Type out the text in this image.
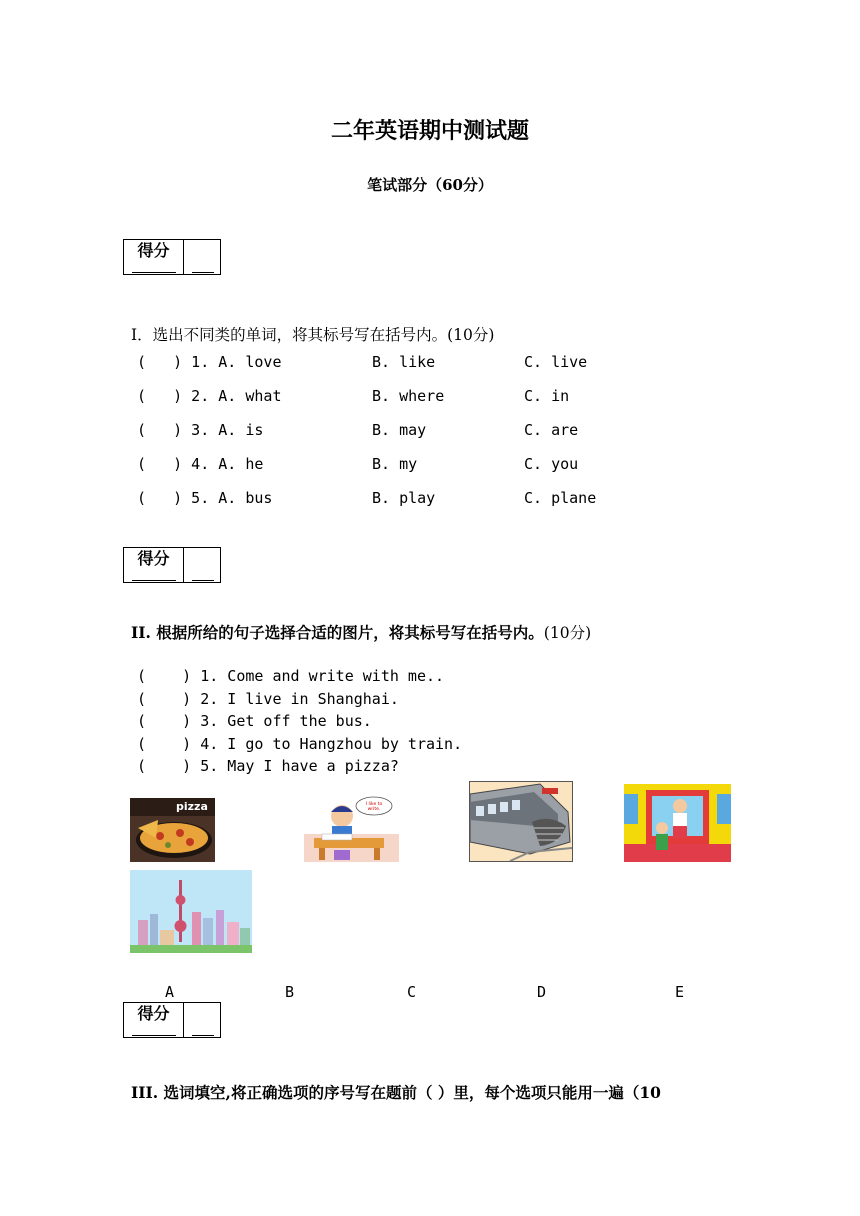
二年英语期中测试题
笔试部分（60分）
得分
I．选出不同类的单词，将其标号写在括号内。(10分)
(   ) 1. A. love	B. like	C. live
(   ) 2. A. what	B. where	C. in
(   ) 3. A. is	B. may	C. are
(   ) 4. A. he	B. my	C. you
(   ) 5. A. bus	B. play	C. plane
得分
II. 根据所给的句子选择合适的图片，将其标号写在括号内。(10分)
(    ) 1. Come and write with me..
(    ) 2. I live in Shanghai.
(    ) 3. Get off the bus.
(    ) 4. I go to Hangzhou by train.
(    ) 5. May I have a pizza?
pizza	I like to write.
A	B	C	D	E
得分
III. 选词填空,将正确选项的序号写在题前（ ）里，每个选项只能用一遍（10
